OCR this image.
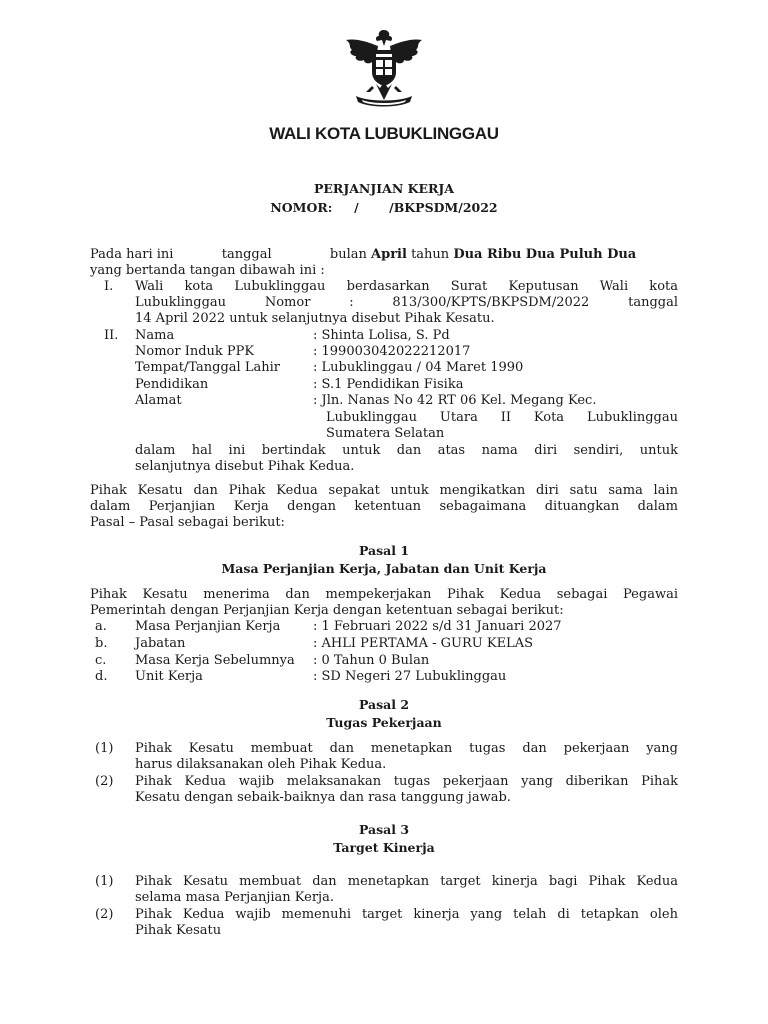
WALI KOTA LUBUKLINGGAU
PERJANJIAN KERJA
NOMOR:     /       /BKPSDM/2022
Pada hari ini	tanggal	bulan April tahun Dua Ribu Dua Puluh Dua
yang bertanda tangan dibawah ini :
I. Wali kota Lubuklinggau berdasarkan Surat Keputusan Wali kota
Lubuklinggau Nomor : 813/300/KPTS/BKPSDM/2022 tanggal
14 April 2022 untuk selanjutnya disebut Pihak Kesatu.
II. Nama	: Shinta Lolisa, S. Pd
Nomor Induk PPK	: 199003042022212017
Tempat/Tanggal Lahir	: Lubuklinggau / 04 Maret 1990
Pendidikan	: S.1 Pendidikan Fisika
Alamat	: Jln. Nanas No 42 RT 06 Kel. Megang Kec.
Lubuklinggau Utara II Kota Lubuklinggau
Sumatera Selatan
dalam hal ini bertindak untuk dan atas nama diri sendiri, untuk
selanjutnya disebut Pihak Kedua.
Pihak Kesatu dan Pihak Kedua sepakat untuk mengikatkan diri satu sama lain
dalam Perjanjian Kerja dengan ketentuan sebagaimana dituangkan dalam
Pasal – Pasal sebagai berikut:
Pasal 1
Masa Perjanjian Kerja, Jabatan dan Unit Kerja
Pihak Kesatu menerima dan mempekerjakan Pihak Kedua sebagai Pegawai
Pemerintah dengan Perjanjian Kerja dengan ketentuan sebagai berikut:
a. Masa Perjanjian Kerja	: 1 Februari 2022 s/d 31 Januari 2027
b. Jabatan	: AHLI PERTAMA - GURU KELAS
c. Masa Kerja Sebelumnya : 0 Tahun 0 Bulan
d. Unit Kerja	: SD Negeri 27 Lubuklinggau
Pasal 2
Tugas Pekerjaan
(1) Pihak Kesatu membuat dan menetapkan tugas dan pekerjaan yang
harus dilaksanakan oleh Pihak Kedua.
(2) Pihak Kedua wajib melaksanakan tugas pekerjaan yang diberikan Pihak
Kesatu dengan sebaik-baiknya dan rasa tanggung jawab.
Pasal 3
Target Kinerja
(1) Pihak Kesatu membuat dan menetapkan target kinerja bagi Pihak Kedua
selama masa Perjanjian Kerja.
(2) Pihak Kedua wajib memenuhi target kinerja yang telah di tetapkan oleh
Pihak Kesatu
